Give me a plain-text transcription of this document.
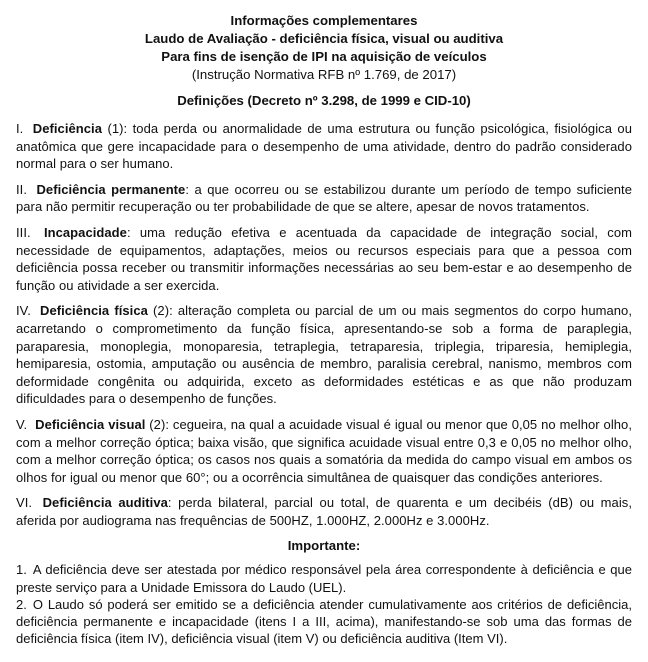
Informações complementares
Laudo de Avaliação - deficiência física, visual ou auditiva
Para fins de isenção de IPI na aquisição de veículos
(Instrução Normativa RFB nº 1.769, de 2017)
Definições (Decreto nº 3.298, de 1999 e CID-10)
I. Deficiência (1): toda perda ou anormalidade de uma estrutura ou função psicológica, fisiológica ou anatômica que gere incapacidade para o desempenho de uma atividade, dentro do padrão considerado normal para o ser humano.
II. Deficiência permanente: a que ocorreu ou se estabilizou durante um período de tempo suficiente para não permitir recuperação ou ter probabilidade de que se altere, apesar de novos tratamentos.
III. Incapacidade: uma redução efetiva e acentuada da capacidade de integração social, com necessidade de equipamentos, adaptações, meios ou recursos especiais para que a pessoa com deficiência possa receber ou transmitir informações necessárias ao seu bem-estar e ao desempenho de função ou atividade a ser exercida.
IV. Deficiência física (2): alteração completa ou parcial de um ou mais segmentos do corpo humano, acarretando o comprometimento da função física, apresentando-se sob a forma de paraplegia, paraparesia, monoplegia, monoparesia, tetraplegia, tetraparesia, triplegia, triparesia, hemiplegia, hemiparesia, ostomia, amputação ou ausência de membro, paralisia cerebral, nanismo, membros com deformidade congênita ou adquirida, exceto as deformidades estéticas e as que não produzam dificuldades para o desempenho de funções.
V. Deficiência visual (2): cegueira, na qual a acuidade visual é igual ou menor que 0,05 no melhor olho, com a melhor correção óptica; baixa visão, que significa acuidade visual entre 0,3 e 0,05 no melhor olho, com a melhor correção óptica; os casos nos quais a somatória da medida do campo visual em ambos os olhos for igual ou menor que 60°; ou a ocorrência simultânea de quaisquer das condições anteriores.
VI. Deficiência auditiva: perda bilateral, parcial ou total, de quarenta e um decibéis (dB) ou mais, aferida por audiograma nas frequências de 500HZ, 1.000HZ, 2.000Hz e 3.000Hz.
Importante:
1. A deficiência deve ser atestada por médico responsável pela área correspondente à deficiência e que preste serviço para a Unidade Emissora do Laudo (UEL).
2. O Laudo só poderá ser emitido se a deficiência atender cumulativamente aos critérios de deficiência, deficiência permanente e incapacidade (itens I a III, acima), manifestando-se sob uma das formas de deficiência física (item IV), deficiência visual (item V) ou deficiência auditiva (Item VI).
